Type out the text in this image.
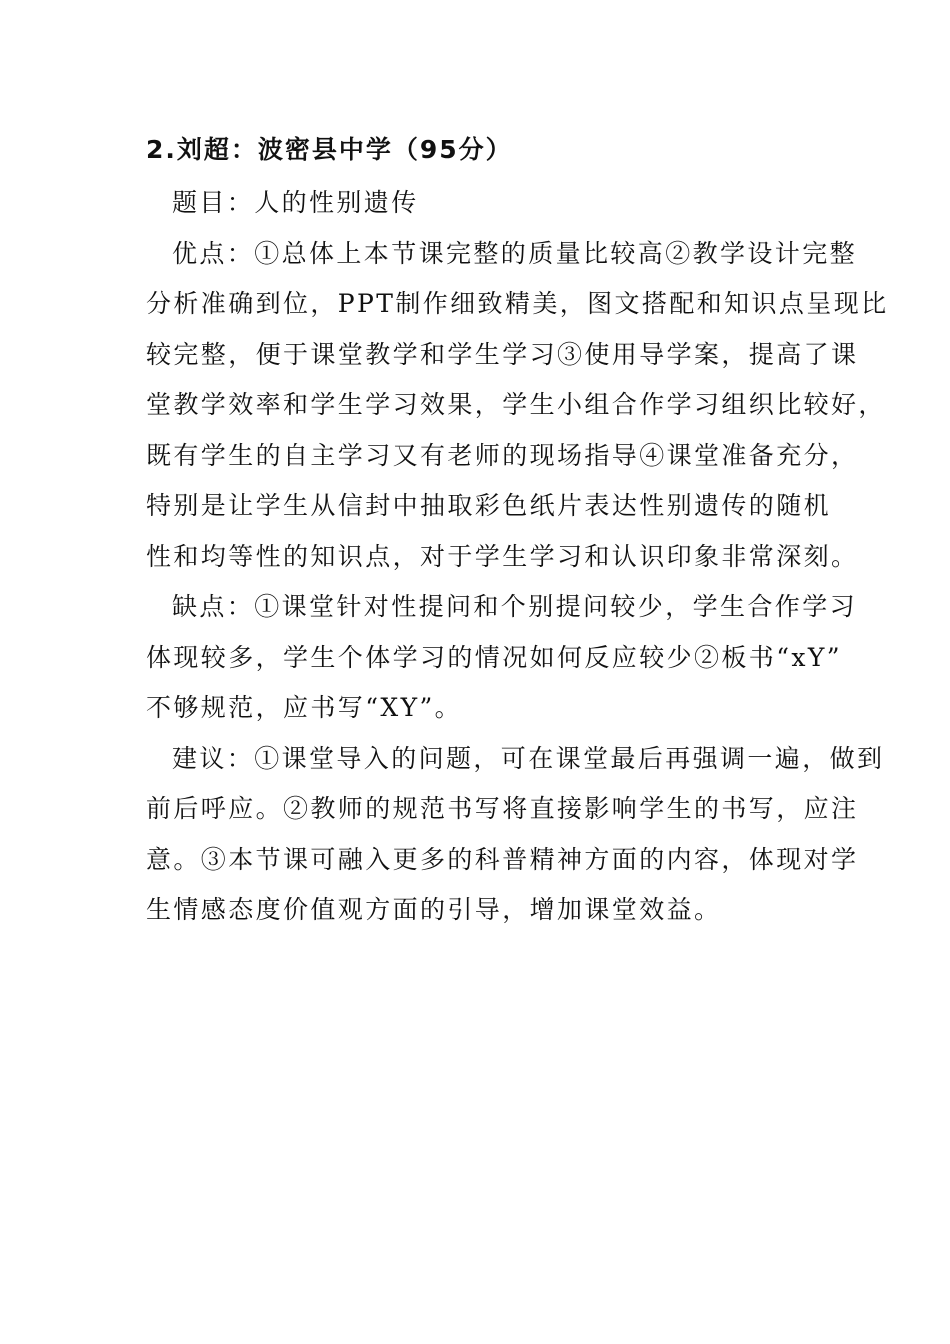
2.刘超：波密县中学（95分）
题目：人的性别遗传
优点：①总体上本节课完整的质量比较高②教学设计完整
分析准确到位，PPT制作细致精美，图文搭配和知识点呈现比
较完整，便于课堂教学和学生学习③使用导学案，提高了课
堂教学效率和学生学习效果，学生小组合作学习组织比较好，
既有学生的自主学习又有老师的现场指导④课堂准备充分，
特别是让学生从信封中抽取彩色纸片表达性别遗传的随机
性和均等性的知识点，对于学生学习和认识印象非常深刻。
缺点：①课堂针对性提问和个别提问较少，学生合作学习
体现较多，学生个体学习的情况如何反应较少②板书“xY”
不够规范，应书写“XY”。
建议：①课堂导入的问题，可在课堂最后再强调一遍，做到
前后呼应。②教师的规范书写将直接影响学生的书写，应注
意。③本节课可融入更多的科普精神方面的内容，体现对学
生情感态度价值观方面的引导，增加课堂效益。
